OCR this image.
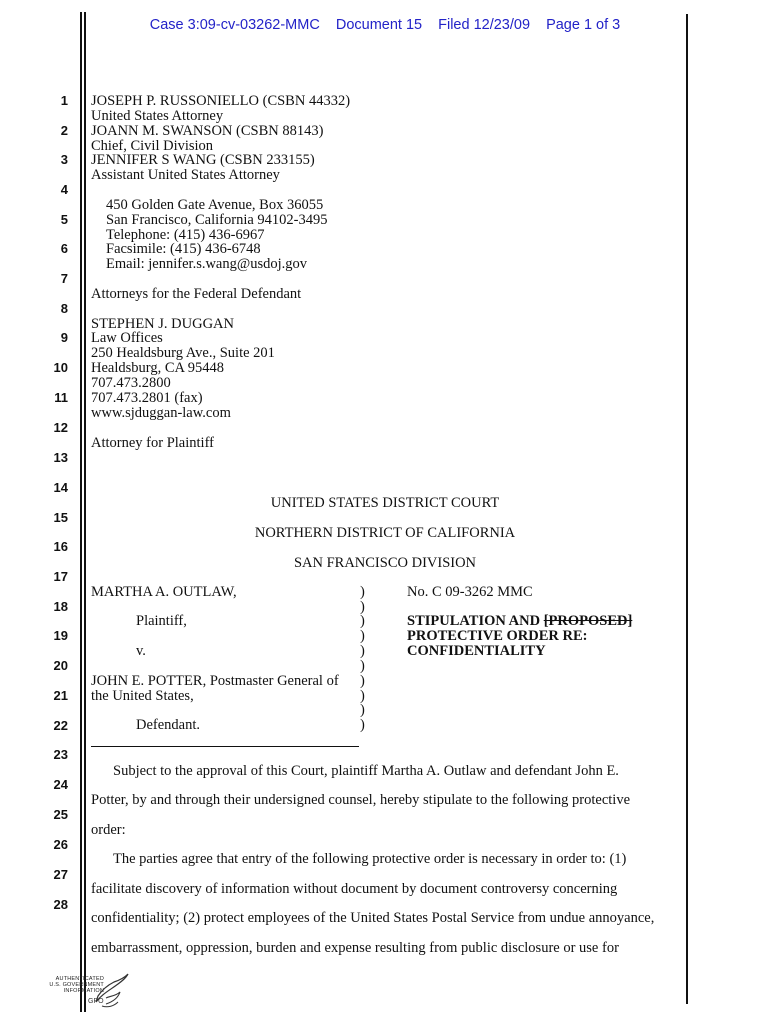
Case 3:09-cv-03262-MMC Document 15 Filed 12/23/09 Page 1 of 3
1
2
3
4
5
6
7
8
9
10
11
12
13
14
15
16
17
18
19
20
21
22
23
24
25
26
27
28
JOSEPH P. RUSSONIELLO (CSBN 44332)
United States Attorney
JOANN M. SWANSON (CSBN 88143)
Chief, Civil Division
JENNIFER S WANG (CSBN 233155)
Assistant United States Attorney
450 Golden Gate Avenue, Box 36055
San Francisco, California 94102-3495
Telephone: (415) 436-6967
Facsimile: (415) 436-6748
Email: jennifer.s.wang@usdoj.gov
Attorneys for the Federal Defendant
STEPHEN J. DUGGAN
Law Offices
250 Healdsburg Ave., Suite 201
Healdsburg, CA 95448
707.473.2800
707.473.2801 (fax)
www.sjduggan-law.com
Attorney for Plaintiff
UNITED STATES DISTRICT COURT
NORTHERN DISTRICT OF CALIFORNIA
SAN FRANCISCO DIVISION
MARTHA A. OUTLAW,
Plaintiff,
v.
JOHN E. POTTER, Postmaster General of
the United States,
Defendant.
)
)
)
)
)
)
)
)
)
)
No. C 09-3262 MMC
STIPULATION AND [PROPOSED]
PROTECTIVE ORDER RE:
CONFIDENTIALITY
Subject to the approval of this Court, plaintiff Martha A. Outlaw and defendant John E.
Potter, by and through their undersigned counsel, hereby stipulate to the following protective
order:
The parties agree that entry of the following protective order is necessary in order to: (1)
facilitate discovery of information without document by document controversy concerning
confidentiality; (2) protect employees of the United States Postal Service from undue annoyance,
embarrassment, oppression, burden and expense resulting from public disclosure or use for
AUTHENTICATED
U.S. GOVERNMENT
INFORMATION
GPO
